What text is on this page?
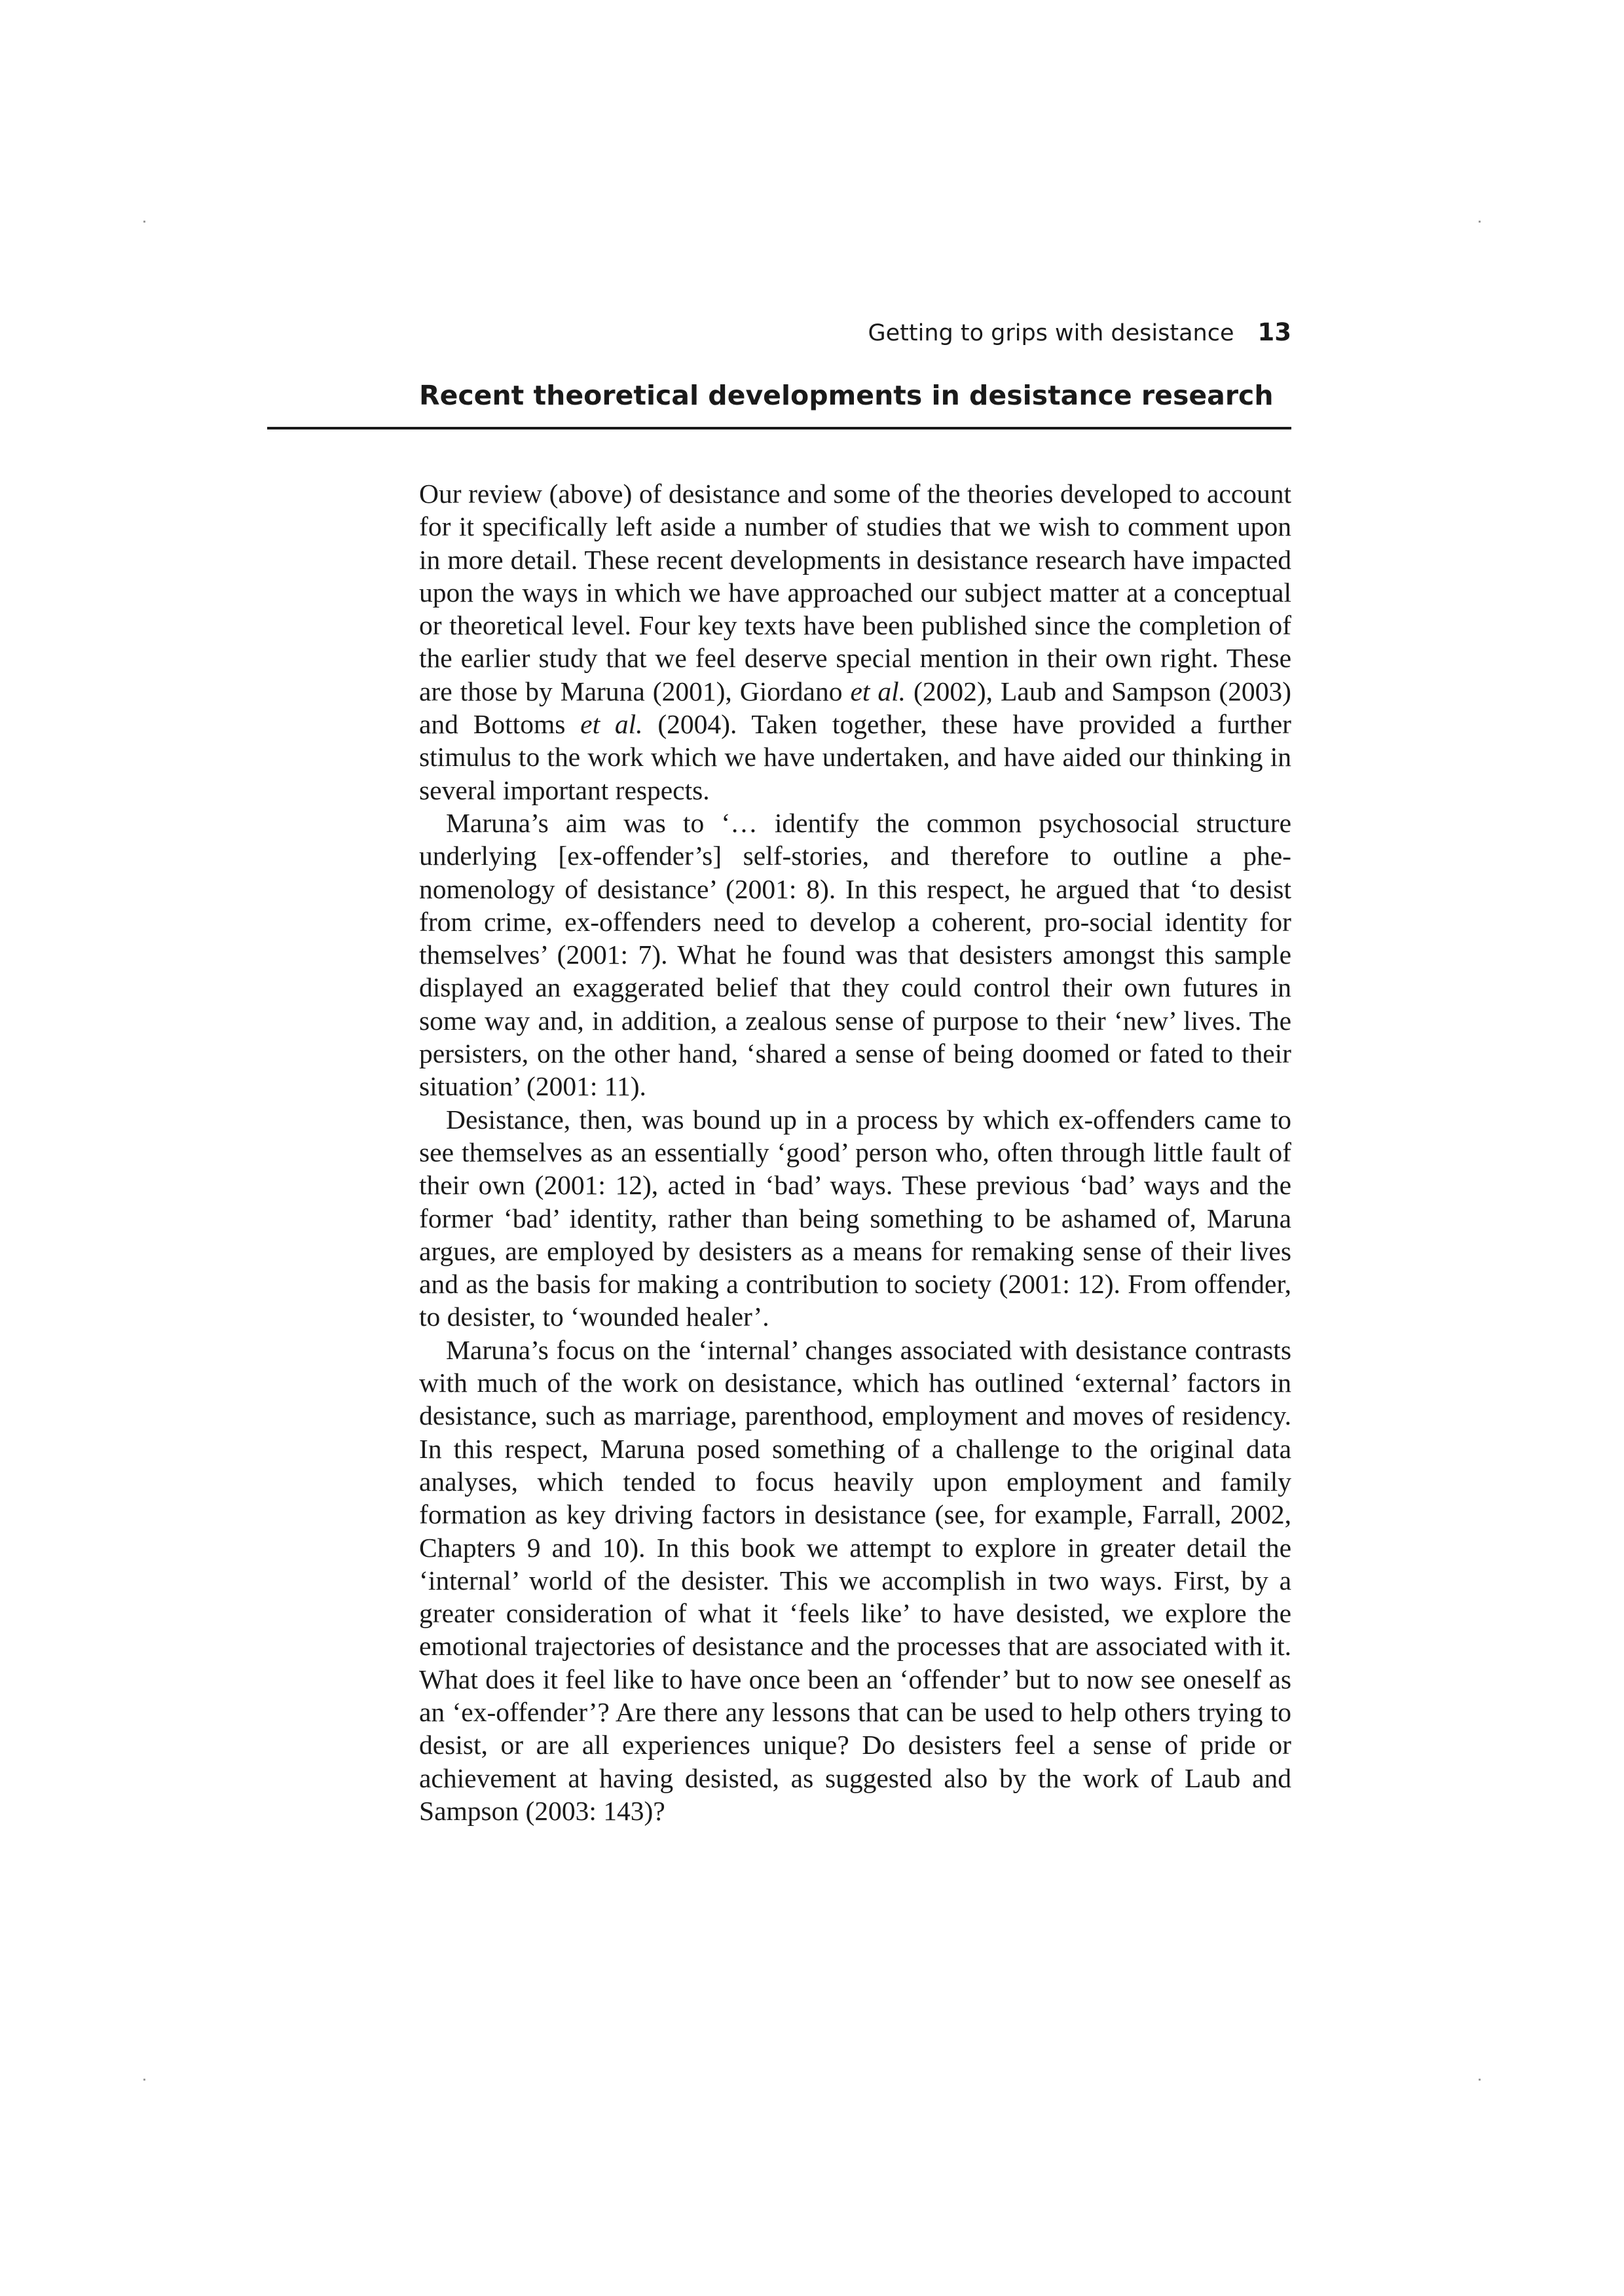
Getting to grips with desistance 13
Recent theoretical developments in desistance research

Our review (above) of desistance and some of the theories developed to account for it specifically left aside a number of studies that we wish to comment upon in more detail. These recent developments in desistance research have impacted upon the ways in which we have approached our subject matter at a conceptual or theoretical level. Four key texts have been published since the completion of the earlier study that we feel deserve special mention in their own right. These are those by Maruna (2001), Giordano et al. (2002), Laub and Sampson (2003) and Bottoms et al. (2004). Taken together, these have provided a further stimulus to the work which we have undertaken, and have aided our thinking in several important respects.

Maruna’s aim was to ‘… identify the common psychosocial structure underlying [ex-offender’s] self-stories, and therefore to outline a phenomenology of desistance’ (2001: 8). In this respect, he argued that ‘to desist from crime, ex-offenders need to develop a coherent, pro-social identity for themselves’ (2001: 7). What he found was that desisters amongst this sample displayed an exaggerated belief that they could control their own futures in some way and, in addition, a zealous sense of purpose to their ‘new’ lives. The persisters, on the other hand, ‘shared a sense of being doomed or fated to their situation’ (2001: 11).

Desistance, then, was bound up in a process by which ex-offenders came to see themselves as an essentially ‘good’ person who, often through little fault of their own (2001: 12), acted in ‘bad’ ways. These previous ‘bad’ ways and the former ‘bad’ identity, rather than being something to be ashamed of, Maruna argues, are employed by desisters as a means for remaking sense of their lives and as the basis for making a contribution to society (2001: 12). From offender, to desister, to ‘wounded healer’.

Maruna’s focus on the ‘internal’ changes associated with desistance contrasts with much of the work on desistance, which has outlined ‘external’ factors in desistance, such as marriage, parenthood, employment and moves of residency. In this respect, Maruna posed something of a challenge to the original data analyses, which tended to focus heavily upon employment and family formation as key driving factors in desistance (see, for example, Farrall, 2002, Chapters 9 and 10). In this book we attempt to explore in greater detail the ‘internal’ world of the desister. This we accomplish in two ways. First, by a greater consideration of what it ‘feels like’ to have desisted, we explore the emotional trajectories of desistance and the processes that are associated with it. What does it feel like to have once been an ‘offender’ but to now see oneself as an ‘ex-offender’? Are there any lessons that can be used to help others trying to desist, or are all experiences unique? Do desisters feel a sense of pride or achievement at having desisted, as suggested also by the work of Laub and Sampson (2003: 143)?
